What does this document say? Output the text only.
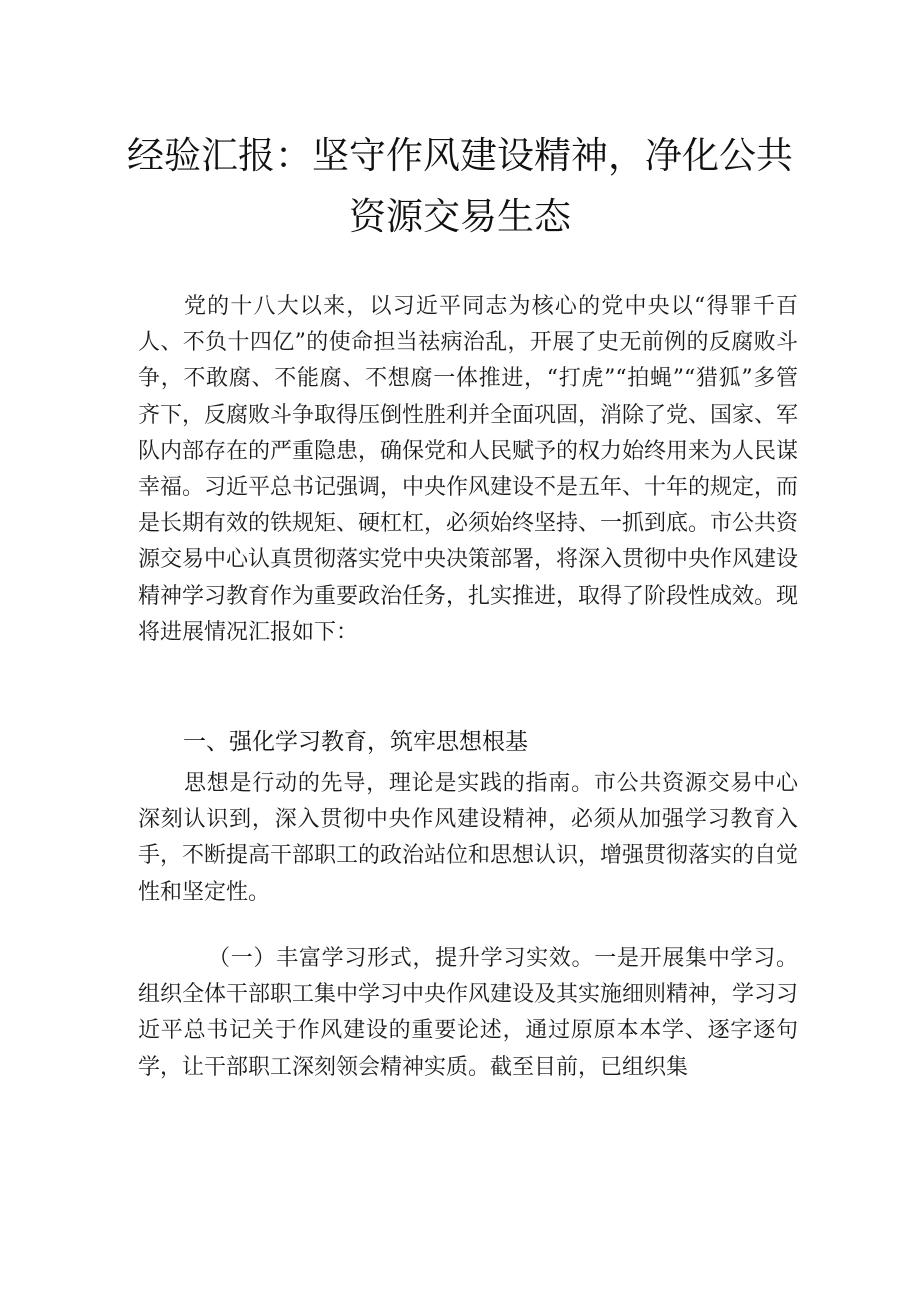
经验汇报：坚守作风建设精神，净化公共
资源交易生态

党的十八大以来，以习近平同志为核心的党中央以“得罪千百人、不负十四亿”的使命担当祛病治乱，开展了史无前例的反腐败斗争，不敢腐、不能腐、不想腐一体推进，“打虎”“拍蝇”“猎狐”多管齐下，反腐败斗争取得压倒性胜利并全面巩固，消除了党、国家、军队内部存在的严重隐患，确保党和人民赋予的权力始终用来为人民谋幸福。习近平总书记强调，中央作风建设不是五年、十年的规定，而是长期有效的铁规矩、硬杠杠，必须始终坚持、一抓到底。市公共资源交易中心认真贯彻落实党中央决策部署，将深入贯彻中央作风建设精神学习教育作为重要政治任务，扎实推进，取得了阶段性成效。现将进展情况汇报如下：

一、强化学习教育，筑牢思想根基

思想是行动的先导，理论是实践的指南。市公共资源交易中心深刻认识到，深入贯彻中央作风建设精神，必须从加强学习教育入手，不断提高干部职工的政治站位和思想认识，增强贯彻落实的自觉性和坚定性。

（一）丰富学习形式，提升学习实效。一是开展集中学习。组织全体干部职工集中学习中央作风建设及其实施细则精神，学习习近平总书记关于作风建设的重要论述，通过原原本本学、逐字逐句学，让干部职工深刻领会精神实质。截至目前，已组织集
